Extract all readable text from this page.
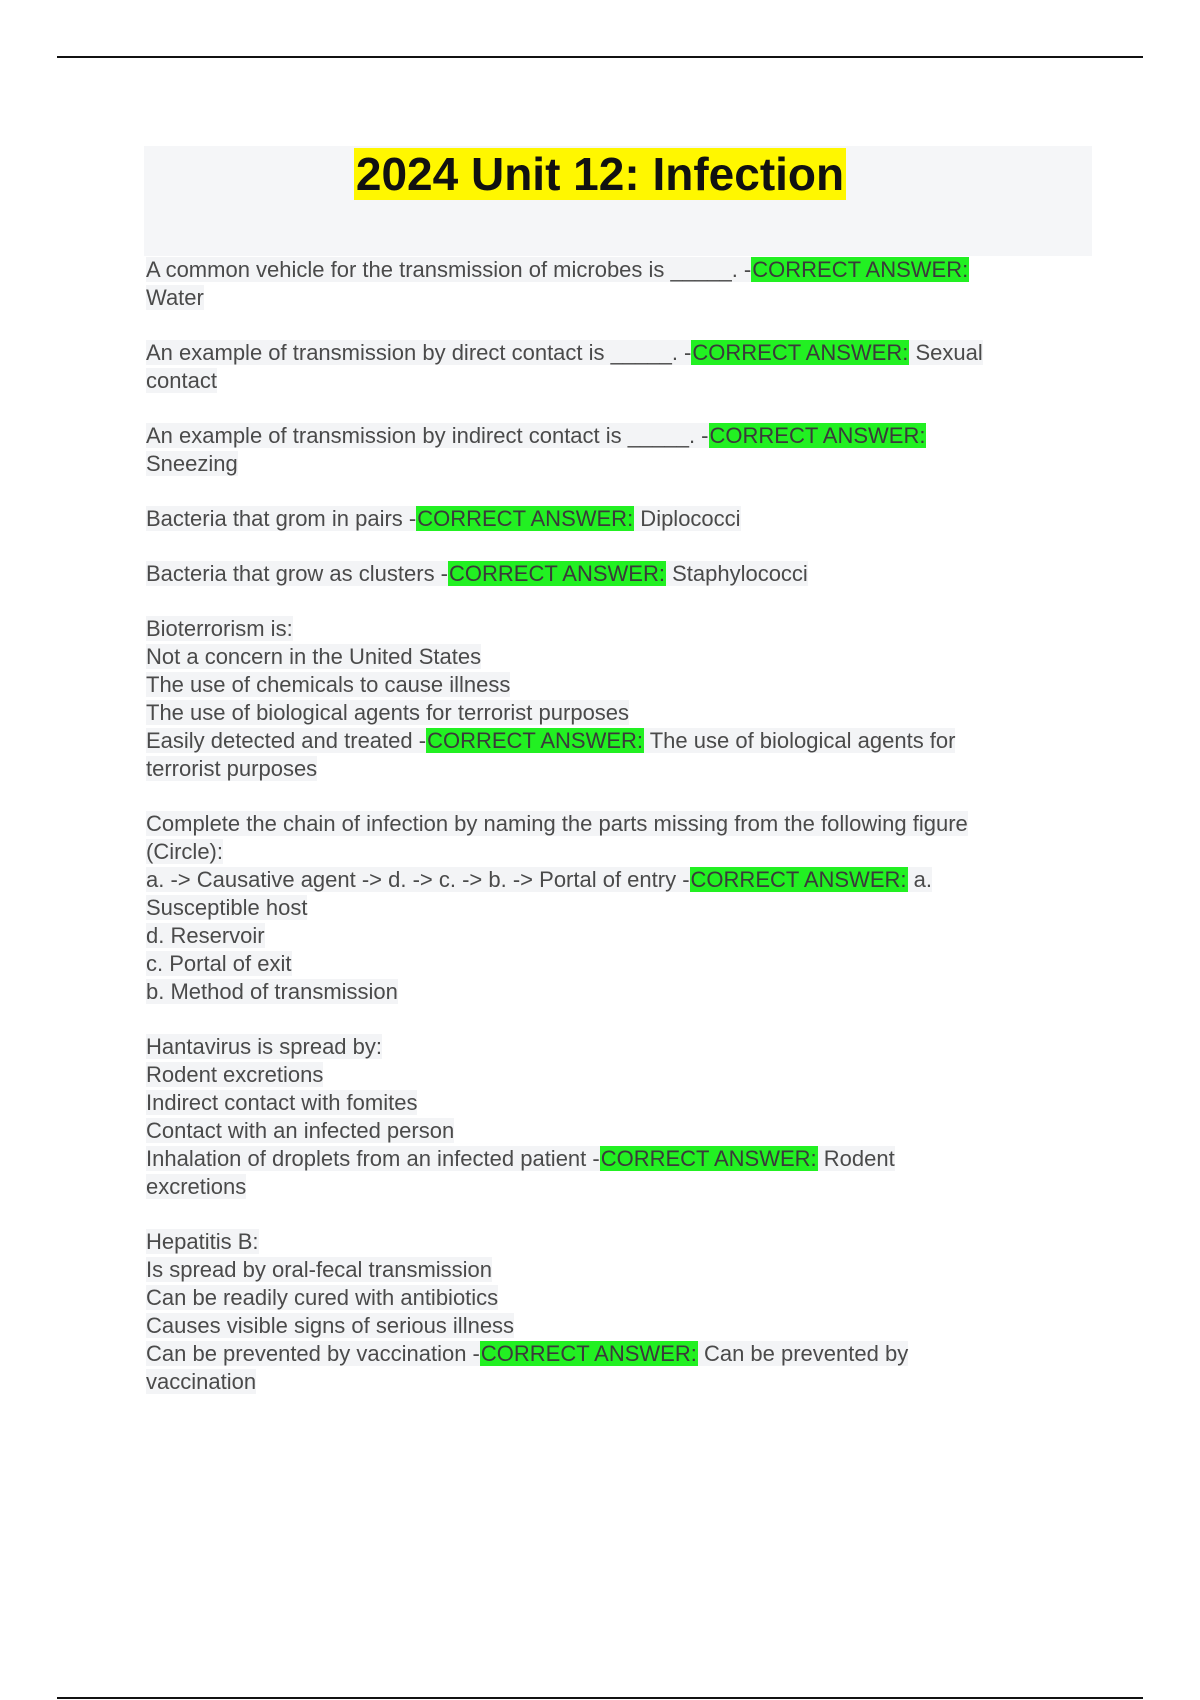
2024 Unit 12: Infection
A common vehicle for the transmission of microbes is _____. -CORRECT ANSWER:
Water
An example of transmission by direct contact is _____. -CORRECT ANSWER: Sexual
contact
An example of transmission by indirect contact is _____. -CORRECT ANSWER:
Sneezing
Bacteria that grom in pairs -CORRECT ANSWER: Diplococci
Bacteria that grow as clusters -CORRECT ANSWER: Staphylococci
Bioterrorism is:
Not a concern in the United States
The use of chemicals to cause illness
The use of biological agents for terrorist purposes
Easily detected and treated -CORRECT ANSWER: The use of biological agents for
terrorist purposes
Complete the chain of infection by naming the parts missing from the following figure
(Circle):
a. -> Causative agent -> d. -> c. -> b. -> Portal of entry -CORRECT ANSWER: a.
Susceptible host
d. Reservoir
c. Portal of exit
b. Method of transmission
Hantavirus is spread by:
Rodent excretions
Indirect contact with fomites
Contact with an infected person
Inhalation of droplets from an infected patient -CORRECT ANSWER: Rodent
excretions
Hepatitis B:
Is spread by oral-fecal transmission
Can be readily cured with antibiotics
Causes visible signs of serious illness
Can be prevented by vaccination -CORRECT ANSWER: Can be prevented by
vaccination
